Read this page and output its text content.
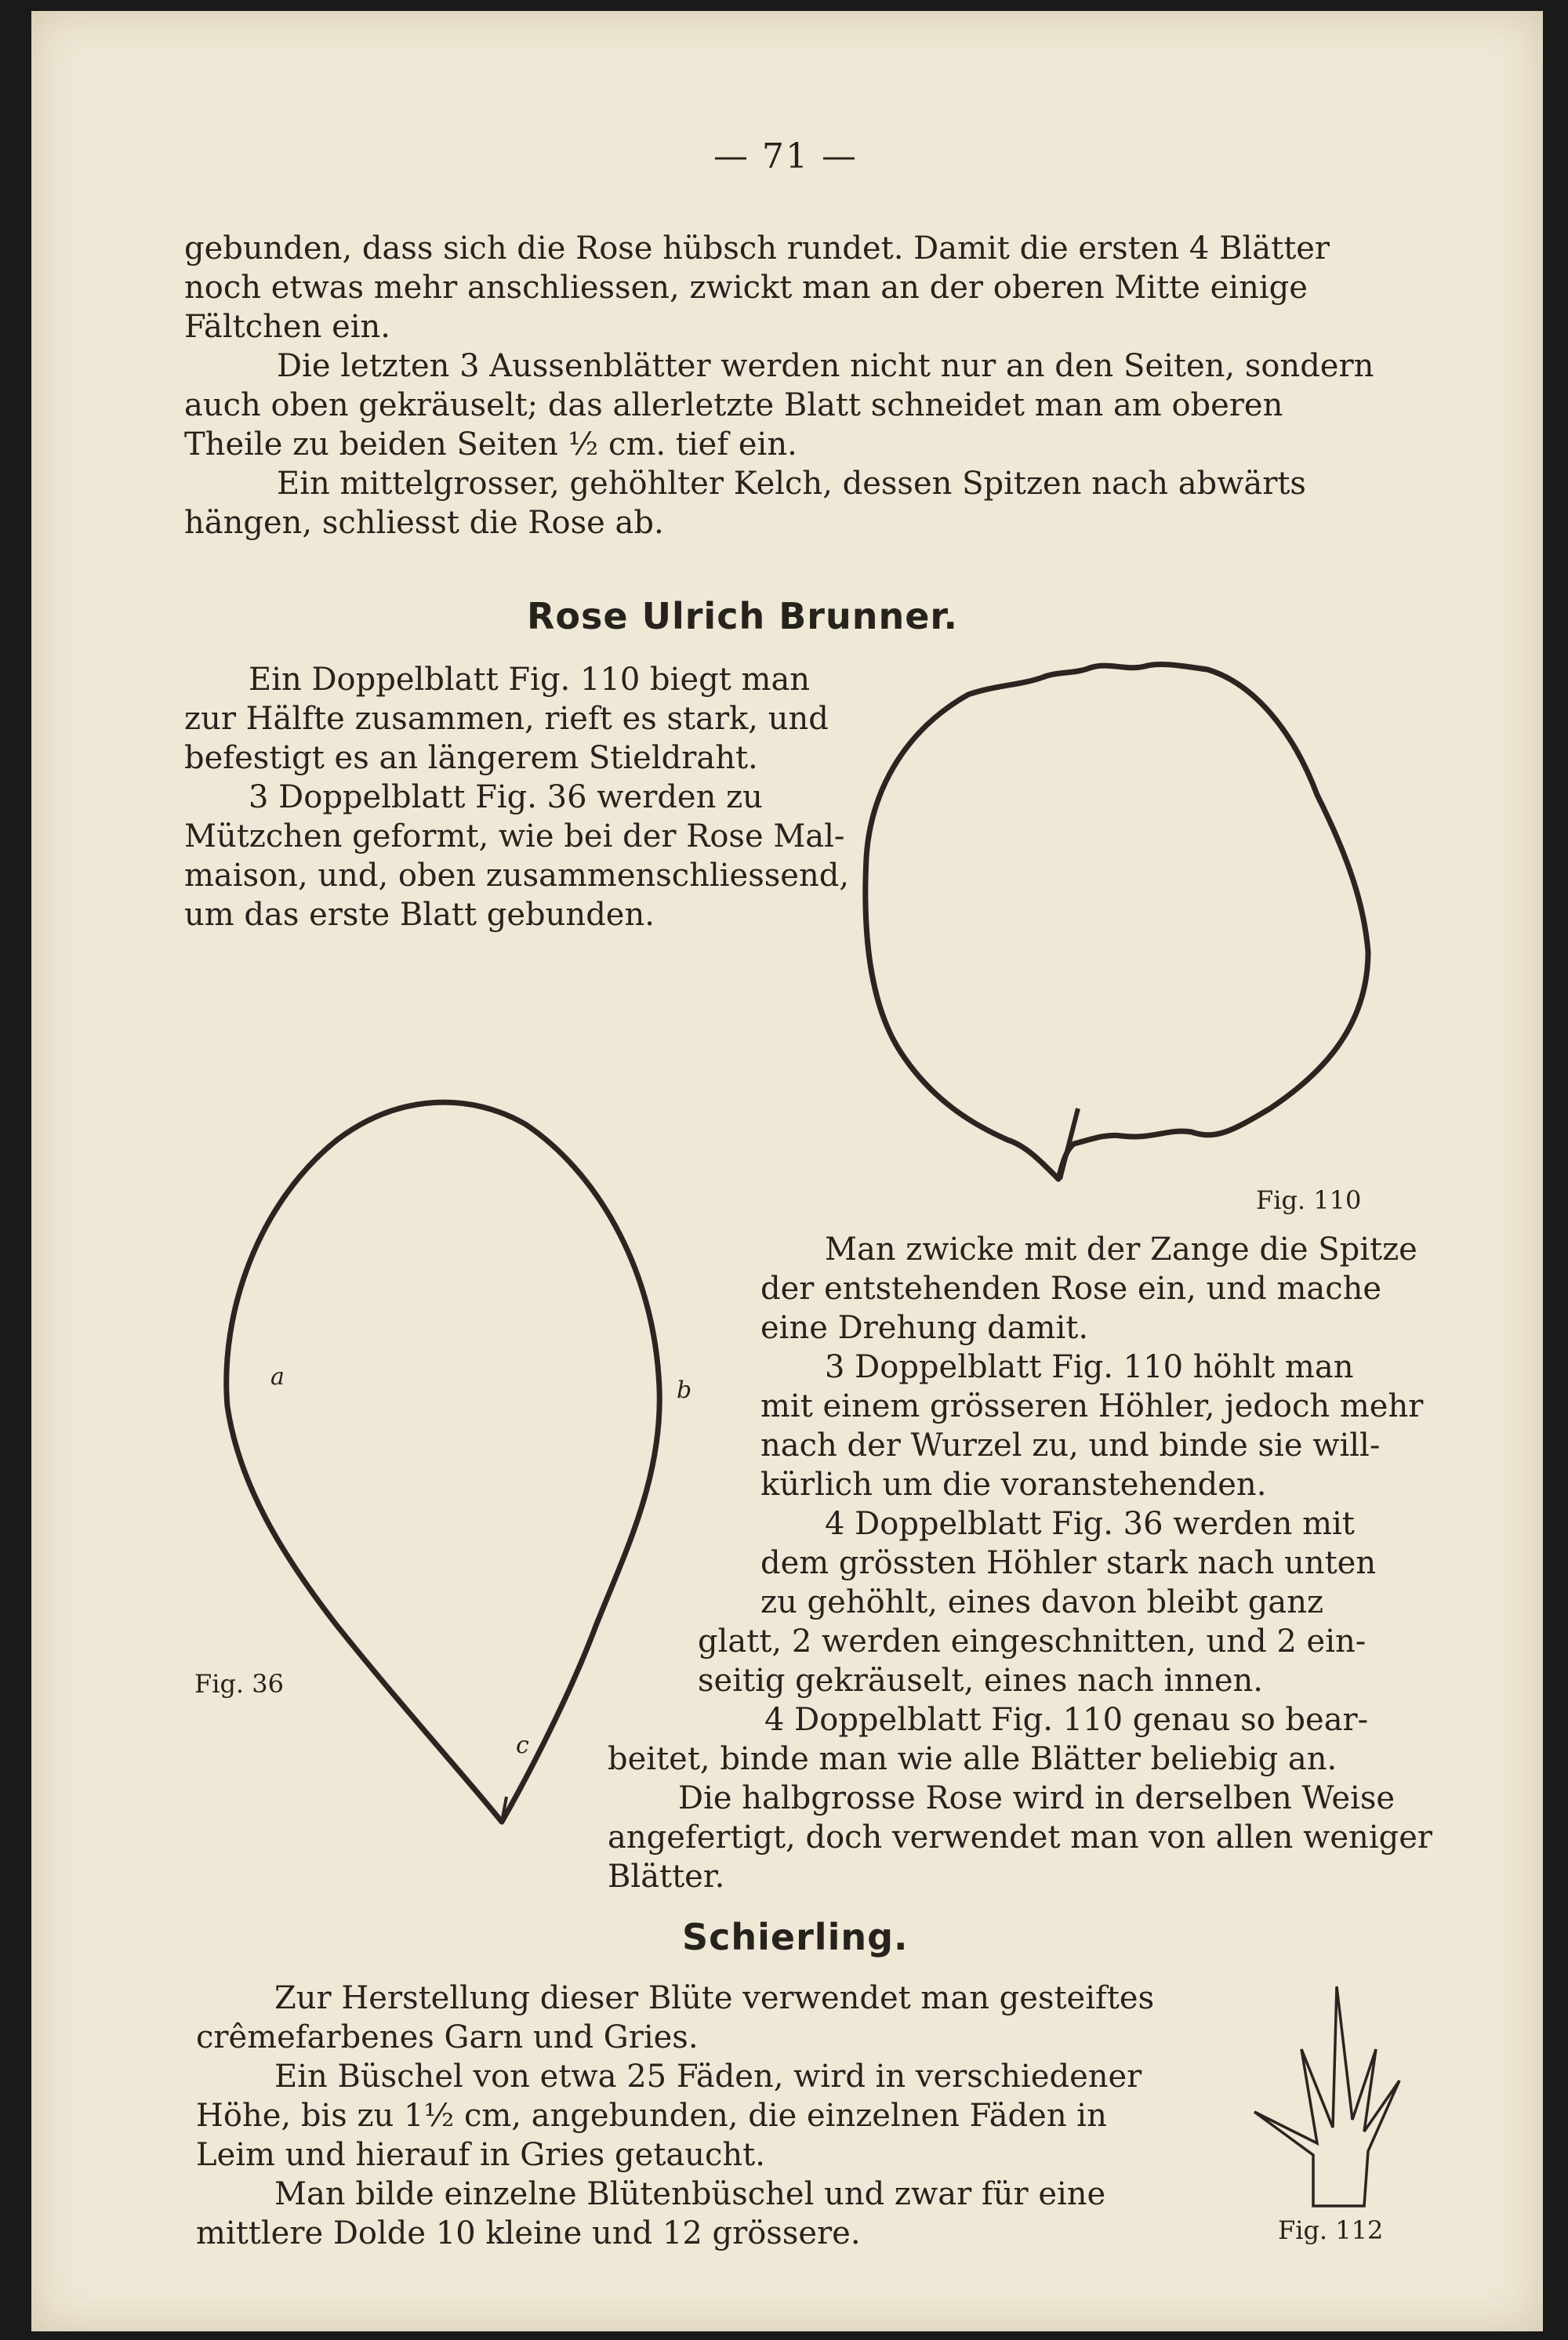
— 71 —
gebunden, dass sich die Rose hübsch rundet. Damit die ersten 4 Blätter
noch etwas mehr anschliessen, zwickt man an der oberen Mitte einige
Fältchen ein.
Die letzten 3 Aussenblätter werden nicht nur an den Seiten, sondern
auch oben gekräuselt; das allerletzte Blatt schneidet man am oberen
Theile zu beiden Seiten ½ cm. tief ein.
Ein mittelgrosser, gehöhlter Kelch, dessen Spitzen nach abwärts
hängen, schliesst die Rose ab.
Rose Ulrich Brunner.
Ein Doppelblatt Fig. 110 biegt man
zur Hälfte zusammen, rieft es stark, und
befestigt es an längerem Stieldraht.
3 Doppelblatt Fig. 36 werden zu
Mützchen geformt, wie bei der Rose Mal-
maison, und, oben zusammenschliessend,
um das erste Blatt gebunden.
Fig. 110
a	b
c
Fig. 36
Man zwicke mit der Zange die Spitze
der entstehenden Rose ein, und mache
eine Drehung damit.
3 Doppelblatt Fig. 110 höhlt man
mit einem grösseren Höhler, jedoch mehr
nach der Wurzel zu, und binde sie will-
kürlich um die voranstehenden.
4 Doppelblatt Fig. 36 werden mit
dem grössten Höhler stark nach unten
zu gehöhlt, eines davon bleibt ganz
glatt, 2 werden eingeschnitten, und 2 ein-
seitig gekräuselt, eines nach innen.
4 Doppelblatt Fig. 110 genau so bear-
beitet, binde man wie alle Blätter beliebig an.
Die halbgrosse Rose wird in derselben Weise
angefertigt, doch verwendet man von allen weniger
Blätter.
Schierling.
Zur Herstellung dieser Blüte verwendet man gesteiftes
crêmefarbenes Garn und Gries.
Ein Büschel von etwa 25 Fäden, wird in verschiedener
Höhe, bis zu 1½ cm, angebunden, die einzelnen Fäden in
Leim und hierauf in Gries getaucht.
Man bilde einzelne Blütenbüschel und zwar für eine
mittlere Dolde 10 kleine und 12 grössere.	Fig. 112
